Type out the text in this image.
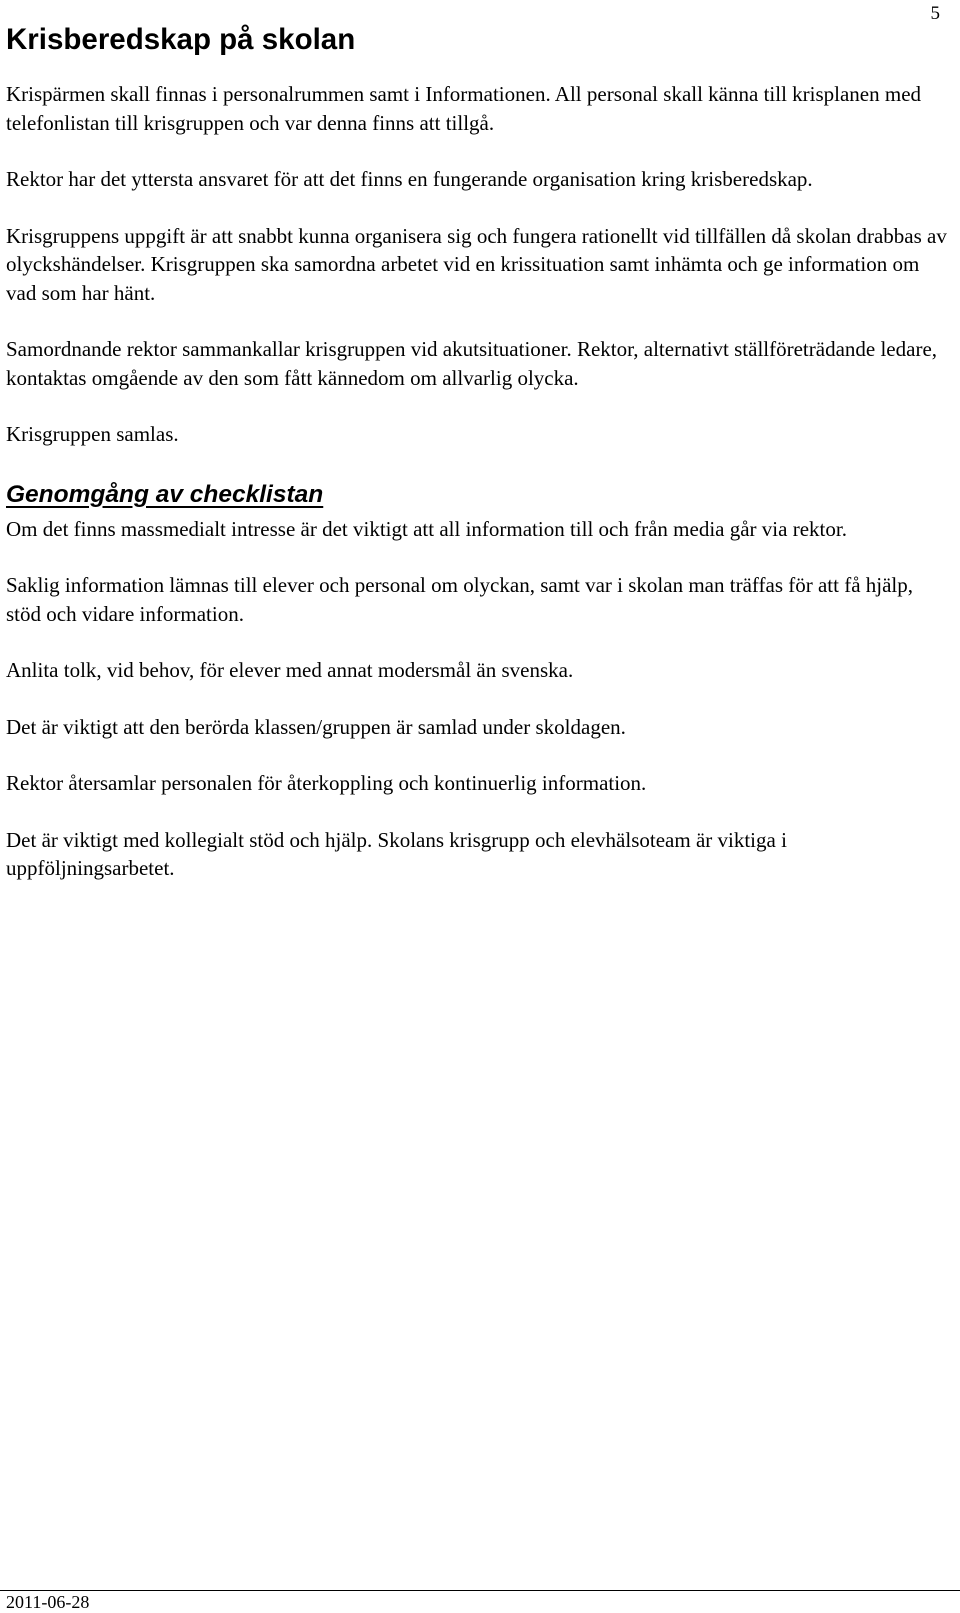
5
Krisberedskap på skolan

Krispärmen skall finnas i personalrummen samt i Informationen. All personal skall känna till krisplanen med telefonlistan till krisgruppen och var denna finns att tillgå.

Rektor har det yttersta ansvaret för att det finns en fungerande organisation kring krisberedskap.

Krisgruppens uppgift är att snabbt kunna organisera sig och fungera rationellt vid tillfällen då skolan drabbas av olyckshändelser. Krisgruppen ska samordna arbetet vid en krissituation samt inhämta och ge information om vad som har hänt.

Samordnande rektor sammankallar krisgruppen vid akutsituationer. Rektor, alternativt ställföreträdande ledare, kontaktas omgående av den som fått kännedom om allvarlig olycka.

Krisgruppen samlas.

Genomgång av checklistan

Om det finns massmedialt intresse är det viktigt att all information till och från media går via rektor.

Saklig information lämnas till elever och personal om olyckan, samt var i skolan man träffas för att få hjälp, stöd och vidare information.

Anlita tolk, vid behov, för elever med annat modersmål än svenska.

Det är viktigt att den berörda klassen/gruppen är samlad under skoldagen.

Rektor återsamlar personalen för återkoppling och kontinuerlig information.

Det är viktigt med kollegialt stöd och hjälp. Skolans krisgrupp och elevhälsoteam är viktiga i uppföljningsarbetet.

2011-06-28
